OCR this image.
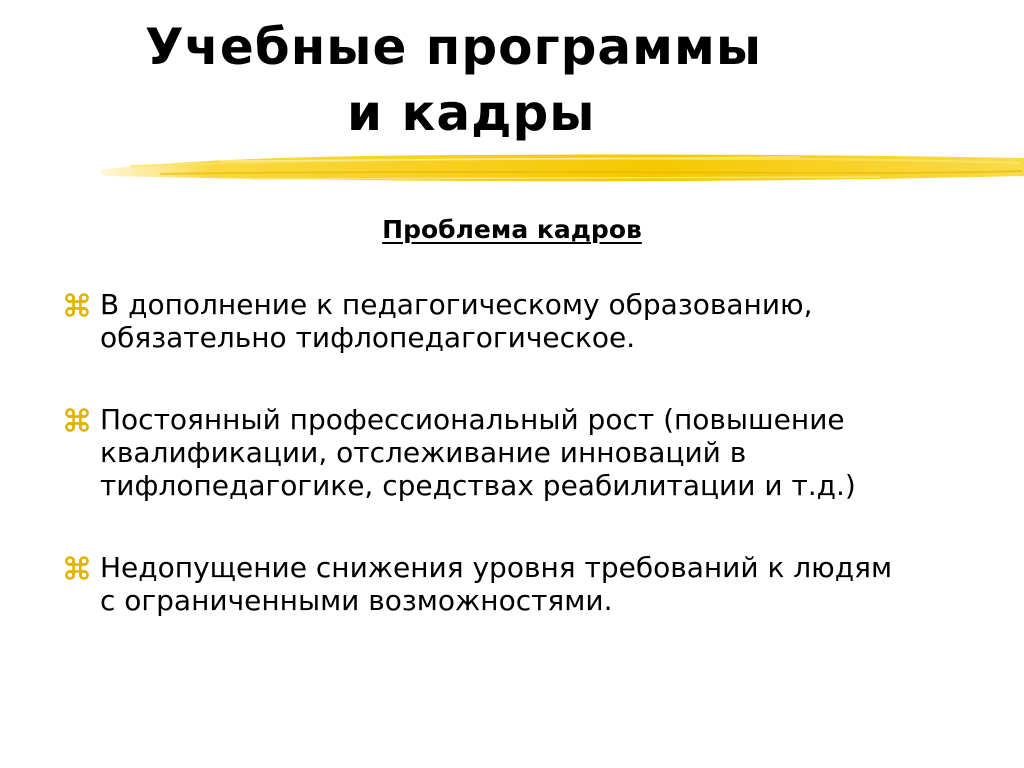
Учебные программы
и кадры
Проблема кадров
В дополнение к педагогическому образованию,
обязательно тифлопедагогическое.
Постоянный профессиональный рост (повышение
квалификации, отслеживание инноваций в
тифлопедагогике, средствах реабилитации и т.д.)
Недопущение снижения уровня требований к людям
с ограниченными возможностями.
